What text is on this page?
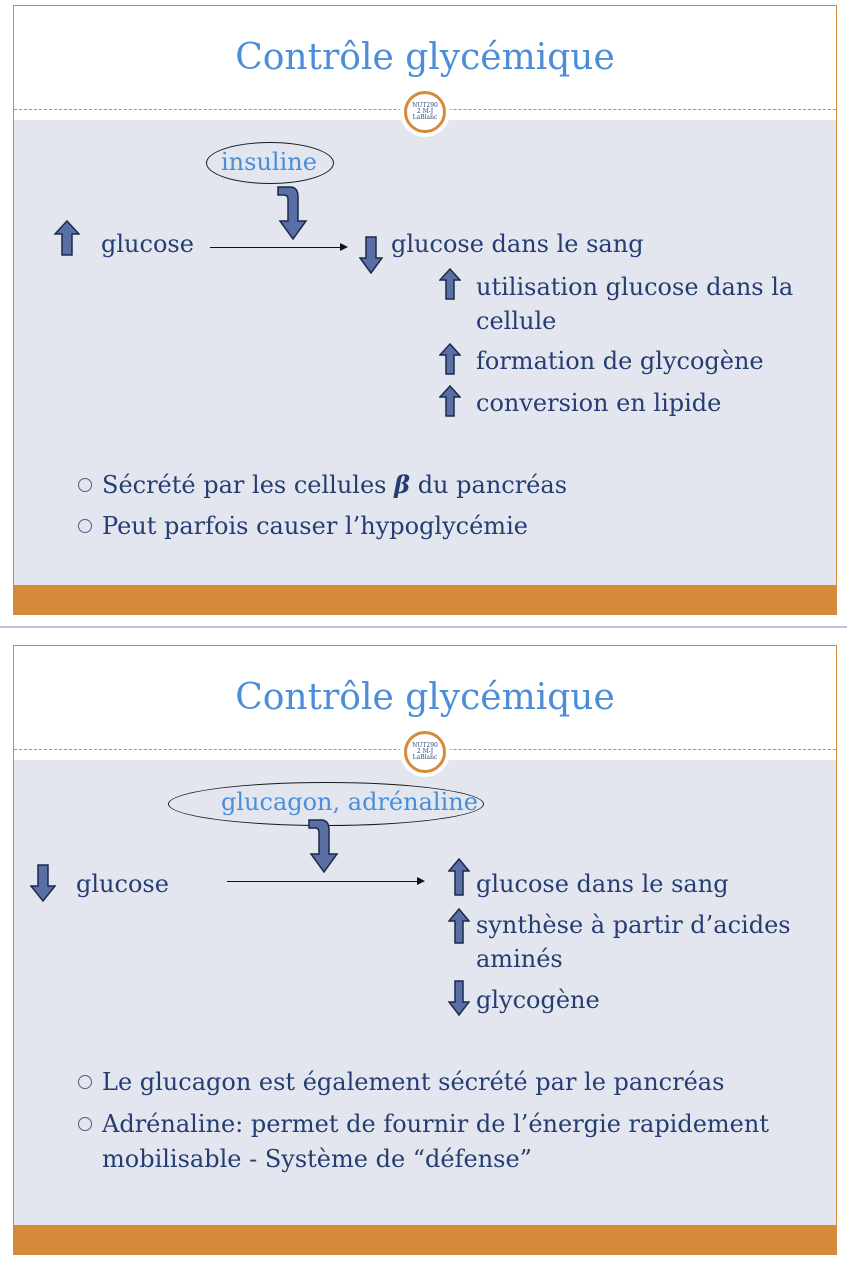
Contrôle glycémique
NUT290
2 M-J
LaBlanc
insuline
glucose	glucose dans le sang
utilisation glucose dans la
cellule
formation de glycogène
conversion en lipide
Sécrété par les cellules β du pancréas
Peut parfois causer l’hypoglycémie
Contrôle glycémique
NUT290
2 M-J
LaBlanc
glucagon, adrénaline
glucose	glucose dans le sang
synthèse à partir d’acides
aminés
glycogène
Le glucagon est également sécrété par le pancréas
Adrénaline: permet de fournir de l’énergie rapidement
mobilisable - Système de “défense”
